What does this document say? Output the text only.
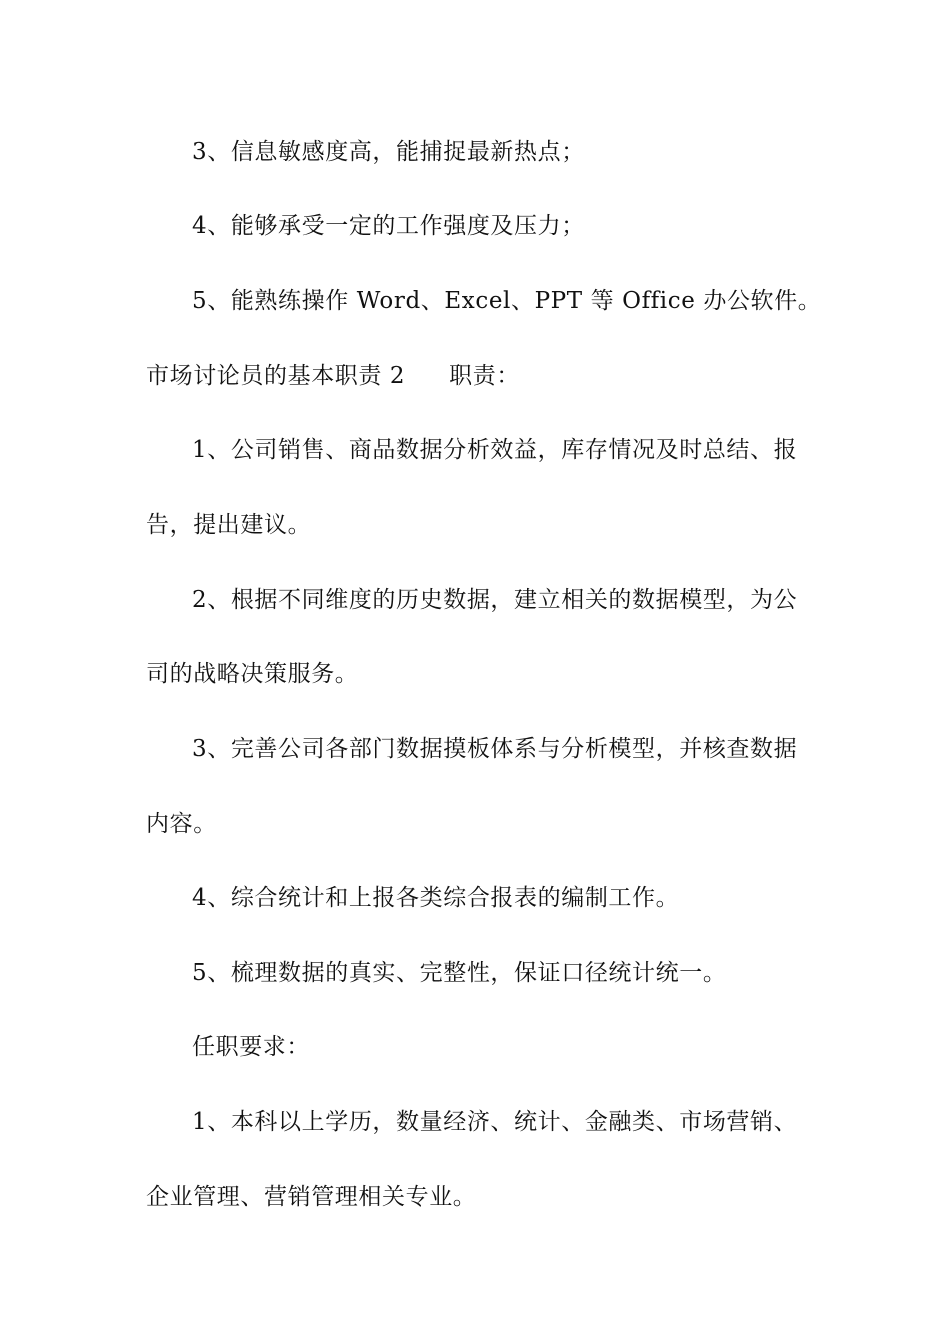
3、信息敏感度高，能捕捉最新热点；
4、能够承受一定的工作强度及压力；
5、能熟练操作 Word、Excel、PPT 等 Office 办公软件。
市场讨论员的基本职责 2 职责：
1、公司销售、商品数据分析效益，库存情况及时总结、报
告，提出建议。
2、根据不同维度的历史数据，建立相关的数据模型，为公
司的战略决策服务。
3、完善公司各部门数据摸板体系与分析模型，并核查数据
内容。
4、综合统计和上报各类综合报表的编制工作。
5、梳理数据的真实、完整性，保证口径统计统一。
任职要求：
1、本科以上学历，数量经济、统计、金融类、市场营销、
企业管理、营销管理相关专业。
